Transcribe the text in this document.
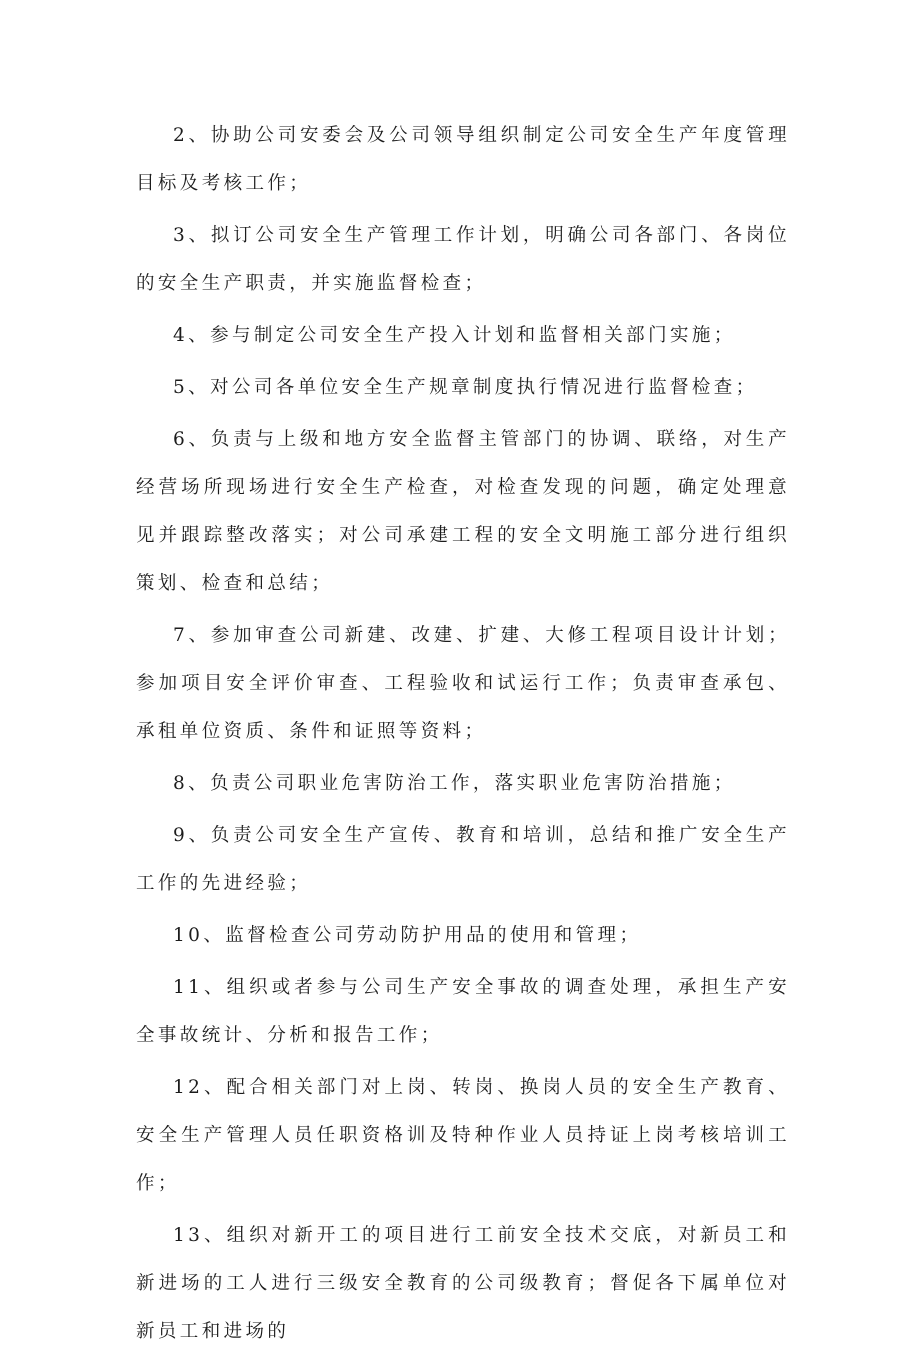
2、协助公司安委会及公司领导组织制定公司安全生产年度管理目标及考核工作；

3、拟订公司安全生产管理工作计划，明确公司各部门、各岗位的安全生产职责，并实施监督检查；

4、参与制定公司安全生产投入计划和监督相关部门实施；

5、对公司各单位安全生产规章制度执行情况进行监督检查；

6、负责与上级和地方安全监督主管部门的协调、联络，对生产经营场所现场进行安全生产检查，对检查发现的问题，确定处理意见并跟踪整改落实；对公司承建工程的安全文明施工部分进行组织策划、检查和总结；

7、参加审查公司新建、改建、扩建、大修工程项目设计计划；参加项目安全评价审查、工程验收和试运行工作；负责审查承包、承租单位资质、条件和证照等资料；

8、负责公司职业危害防治工作，落实职业危害防治措施；

9、负责公司安全生产宣传、教育和培训，总结和推广安全生产工作的先进经验；

10、监督检查公司劳动防护用品的使用和管理；

11、组织或者参与公司生产安全事故的调查处理，承担生产安全事故统计、分析和报告工作；

12、配合相关部门对上岗、转岗、换岗人员的安全生产教育、安全生产管理人员任职资格训及特种作业人员持证上岗考核培训工作；

13、组织对新开工的项目进行工前安全技术交底，对新员工和新进场的工人进行三级安全教育的公司级教育；督促各下属单位对新员工和进场的
